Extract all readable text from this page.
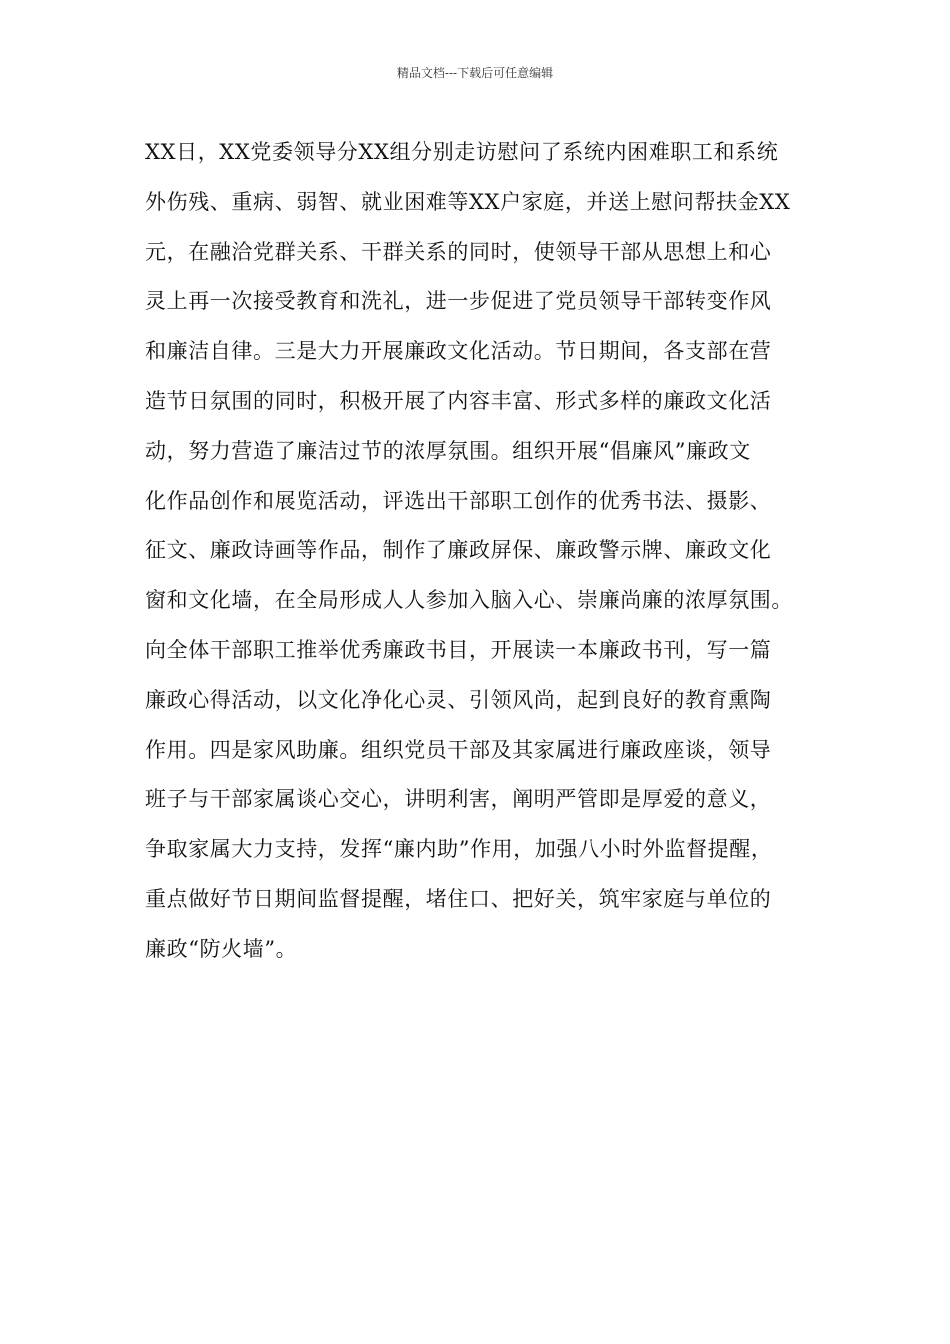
精品文档---下载后可任意编辑
XX日，XX党委领导分XX组分别走访慰问了系统内困难职工和系统
外伤残、重病、弱智、就业困难等XX户家庭，并送上慰问帮扶金XX
元，在融洽党群关系、干群关系的同时，使领导干部从思想上和心
灵上再一次接受教育和洗礼，进一步促进了党员领导干部转变作风
和廉洁自律。三是大力开展廉政文化活动。节日期间，各支部在营
造节日氛围的同时，积极开展了内容丰富、形式多样的廉政文化活
动，努力营造了廉洁过节的浓厚氛围。组织开展“倡廉风”廉政文
化作品创作和展览活动，评选出干部职工创作的优秀书法、摄影、
征文、廉政诗画等作品，制作了廉政屏保、廉政警示牌、廉政文化
窗和文化墙，在全局形成人人参加入脑入心、崇廉尚廉的浓厚氛围。
向全体干部职工推举优秀廉政书目，开展读一本廉政书刊，写一篇
廉政心得活动，以文化净化心灵、引领风尚，起到良好的教育熏陶
作用。四是家风助廉。组织党员干部及其家属进行廉政座谈，领导
班子与干部家属谈心交心，讲明利害，阐明严管即是厚爱的意义，
争取家属大力支持，发挥“廉内助”作用，加强八小时外监督提醒，
重点做好节日期间监督提醒，堵住口、把好关，筑牢家庭与单位的
廉政“防火墙”。
